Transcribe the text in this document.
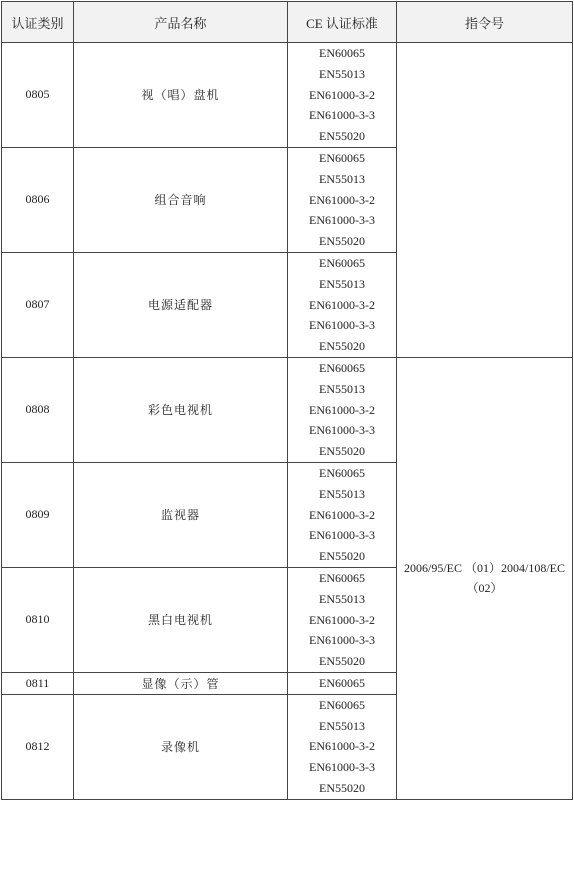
认证类别	产品名称	CE 认证标准	指令号
0805	视（唱）盘机	EN60065
EN55013
EN61000-3-2
EN61000-3-3
EN55020	

0806	组合音响	EN60065
EN55013
EN61000-3-2
EN61000-3-3
EN55020	

0807	电源适配器	EN60065
EN55013
EN61000-3-2
EN61000-3-3
EN55020	

0808	彩色电视机	EN60065
EN55013
EN61000-3-2
EN61000-3-3
EN55020	2006/95/EC （01）2004/108/EC
（02）

0809	监视器	EN60065
EN55013
EN61000-3-2
EN61000-3-3
EN55020	

0810	黑白电视机	EN60065
EN55013
EN61000-3-2
EN61000-3-3
EN55020	

0811	显像（示）管	EN60065	

0812	录像机	EN60065
EN55013
EN61000-3-2
EN61000-3-3
EN55020	
